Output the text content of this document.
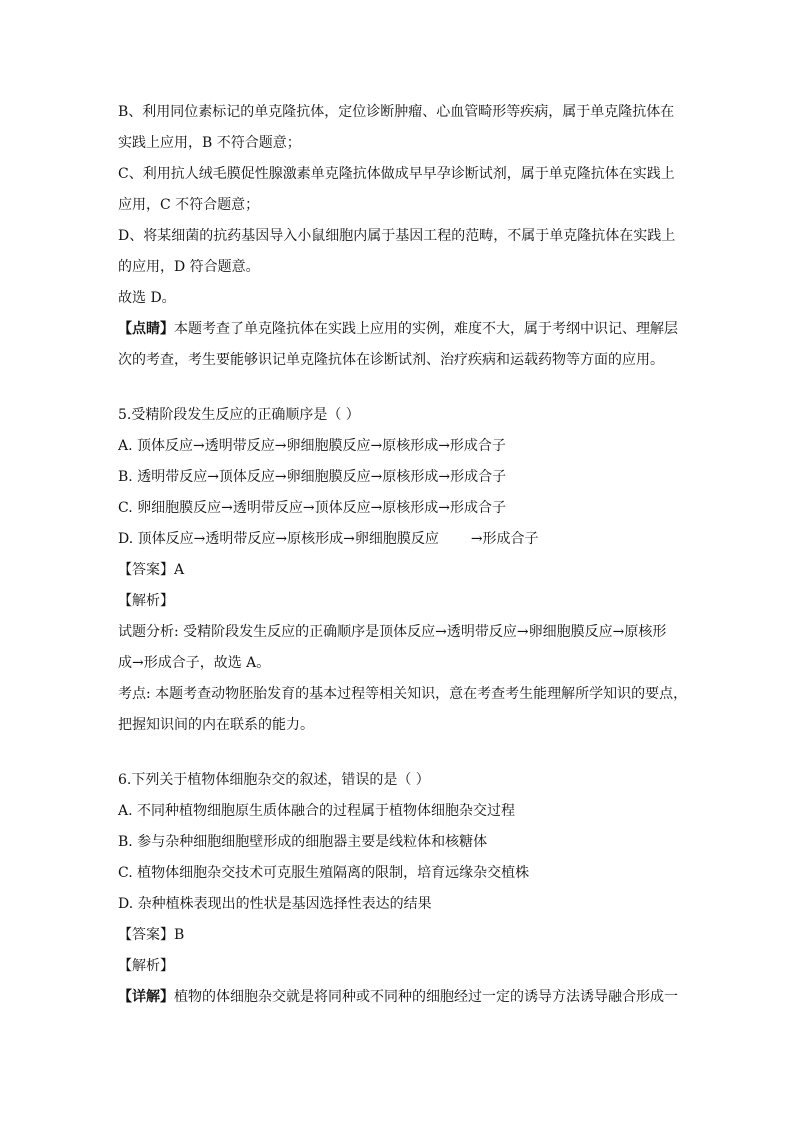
B、利用同位素标记的单克隆抗体，定位诊断肿瘤、心血管畸形等疾病，属于单克隆抗体在
实践上应用，B 不符合题意；
C、利用抗人绒毛膜促性腺激素单克隆抗体做成早早孕诊断试剂，属于单克隆抗体在实践上
应用，C 不符合题意；
D、将某细菌的抗药基因导入小鼠细胞内属于基因工程的范畴，不属于单克隆抗体在实践上
的应用，D 符合题意。
故选 D。
【点睛】本题考查了单克隆抗体在实践上应用的实例，难度不大，属于考纲中识记、理解层
次的考查，考生要能够识记单克隆抗体在诊断试剂、治疗疾病和运载药物等方面的应用。
5.受精阶段发生反应的正确顺序是（ ）
A. 顶体反应→透明带反应→卵细胞膜反应→原核形成→形成合子
B. 透明带反应→顶体反应→卵细胞膜反应→原核形成→形成合子
C. 卵细胞膜反应→透明带反应→顶体反应→原核形成→形成合子
D. 顶体反应→透明带反应→原核形成→卵细胞膜反应 →形成合子
【答案】A
【解析】
试题分析: 受精阶段发生反应的正确顺序是顶体反应→透明带反应→卵细胞膜反应→原核形
成→形成合子，故选 A。
考点: 本题考查动物胚胎发育的基本过程等相关知识，意在考查考生能理解所学知识的要点，
把握知识间的内在联系的能力。
6.下列关于植物体细胞杂交的叙述，错误的是（ ）
A. 不同种植物细胞原生质体融合的过程属于植物体细胞杂交过程
B. 参与杂种细胞细胞壁形成的细胞器主要是线粒体和核糖体
C. 植物体细胞杂交技术可克服生殖隔离的限制，培育远缘杂交植株
D. 杂种植株表现出的性状是基因选择性表达的结果
【答案】B
【解析】
【详解】植物的体细胞杂交就是将同种或不同种的细胞经过一定的诱导方法诱导融合形成一
